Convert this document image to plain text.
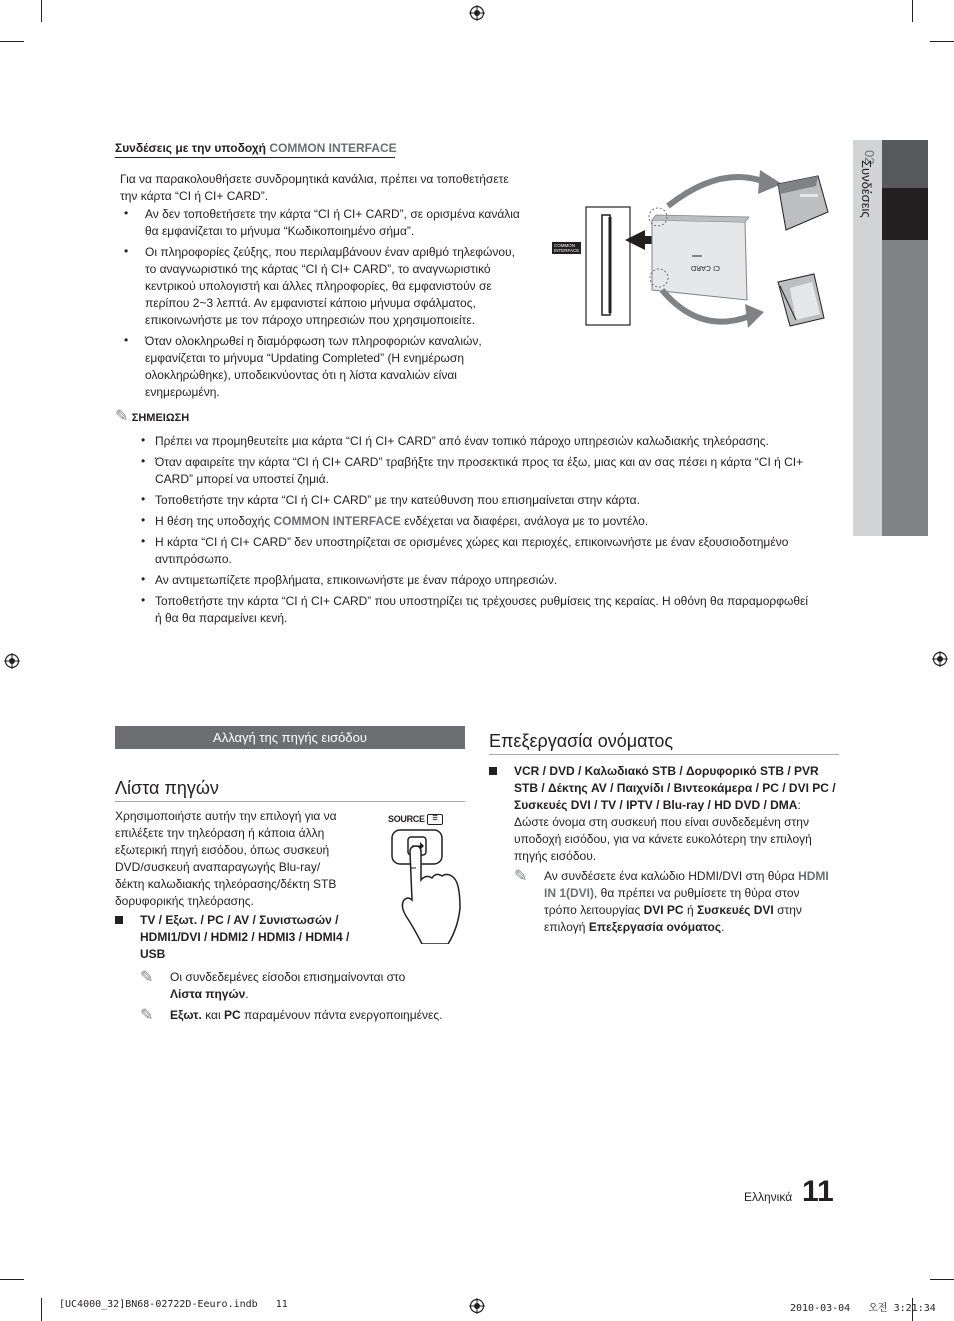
02
Συνδέσεις
Συνδέσεις με την υποδοχή COMMON INTERFACE

Για να παρακολουθήσετε συνδρομητικά κανάλια, πρέπει να τοποθετήσετε

την κάρτα “CI ή CI+ CARD”.

• Αν δεν τοποθετήσετε την κάρτα “CI ή CI+ CARD”, σε ορισμένα κανάλια

θα εμφανίζεται το μήνυμα “Κωδικοποιημένο σήμα”.

• Οι πληροφορίες ζεύξης, που περιλαμβάνουν έναν αριθμό τηλεφώνου,

το αναγνωριστικό της κάρτας “CI ή CI+ CARD”, το αναγνωριστικό

κεντρικού υπολογιστή και άλλες πληροφορίες, θα εμφανιστούν σε

περίπου 2~3 λεπτά. Αν εμφανιστεί κάποιο μήνυμα σφάλματος,

επικοινωνήστε με τον πάροχο υπηρεσιών που χρησιμοποιείτε.

• Όταν ολοκληρωθεί η διαμόρφωση των πληροφοριών καναλιών,

εμφανίζεται το μήνυμα “Updating Completed” (Η ενημέρωση

ολοκληρώθηκε), υποδεικνύοντας ότι η λίστα καναλιών είναι

ενημερωμένη.

CI CARD
COMMON
INTERFACE
✎ ΣΗΜΕΙΩΣΗ
• Πρέπει να προμηθευτείτε μια κάρτα “CI ή CI+ CARD” από έναν τοπικό πάροχο υπηρεσιών καλωδιακής τηλεόρασης.

• Όταν αφαιρείτε την κάρτα “CI ή CI+ CARD” τραβήξτε την προσεκτικά προς τα έξω, μιας και αν σας πέσει η κάρτα “CI ή CI+

CARD” μπορεί να υποστεί ζημιά.

• Τοποθετήστε την κάρτα “CI ή CI+ CARD” με την κατεύθυνση που επισημαίνεται στην κάρτα.

• Η θέση της υποδοχής COMMON INTERFACE ενδέχεται να διαφέρει, ανάλογα με το μοντέλο.

• Η κάρτα “CI ή CI+ CARD” δεν υποστηρίζεται σε ορισμένες χώρες και περιοχές, επικοινωνήστε με έναν εξουσιοδοτημένο

αντιπρόσωπο.

• Αν αντιμετωπίζετε προβλήματα, επικοινωνήστε με έναν πάροχο υπηρεσιών.

• Τοποθετήστε την κάρτα “CI ή CI+ CARD” που υποστηρίζει τις τρέχουσες ρυθμίσεις της κεραίας. Η οθόνη θα παραμορφωθεί

ή θα θα παραμείνει κενή.

Αλλαγή της πηγής εισόδου
Λίστα πηγών

Χρησιμοποιήστε αυτήν την επιλογή για να

επιλέξετε την τηλεόραση ή κάποια άλλη

εξωτερική πηγή εισόδου, όπως συσκευή

DVD/συσκευή αναπαραγωγής Blu-ray/

δέκτη καλωδιακής τηλεόρασης/δέκτη STB

δορυφορικής τηλεόρασης.

SOURCE ☰

TV / Εξωτ. / PC / AV / Συνιστωσών /

HDMI1/DVI / HDMI2 / HDMI3 / HDMI4 /

USB

✎ Οι συνδεδεμένες είσοδοι επισημαίνονται στο

Λίστα πηγών.

✎	Εξωτ. και PC παραμένουν πάντα ενεργοποιημένες.

Επεξεργασία ονόματος

VCR / DVD / Καλωδιακό STB / Δορυφορικό STB / PVR

STB / Δέκτης AV / Παιχνίδι / Βιντεοκάμερα / PC / DVI PC /

Συσκευές DVI / TV / IPTV / Blu-ray / HD DVD / DMA:

Δώστε όνομα στη συσκευή που είναι συνδεδεμένη στην

υποδοχή εισόδου, για να κάνετε ευκολότερη την επιλογή

πηγής εισόδου.

✎ Αν συνδέσετε ένα καλώδιο HDMI/DVI στη θύρα HDMI

IN 1(DVI), θα πρέπει να ρυθμίσετε τη θύρα στον

τρόπο λειτουργίας DVI PC ή Συσκευές DVI στην

επιλογή Επεξεργασία ονόματος.

Ελληνικά 11
[UC4000_32]BN68-02722D-Eeuro.indb   11	2010-03-04   오전 3:21:34
